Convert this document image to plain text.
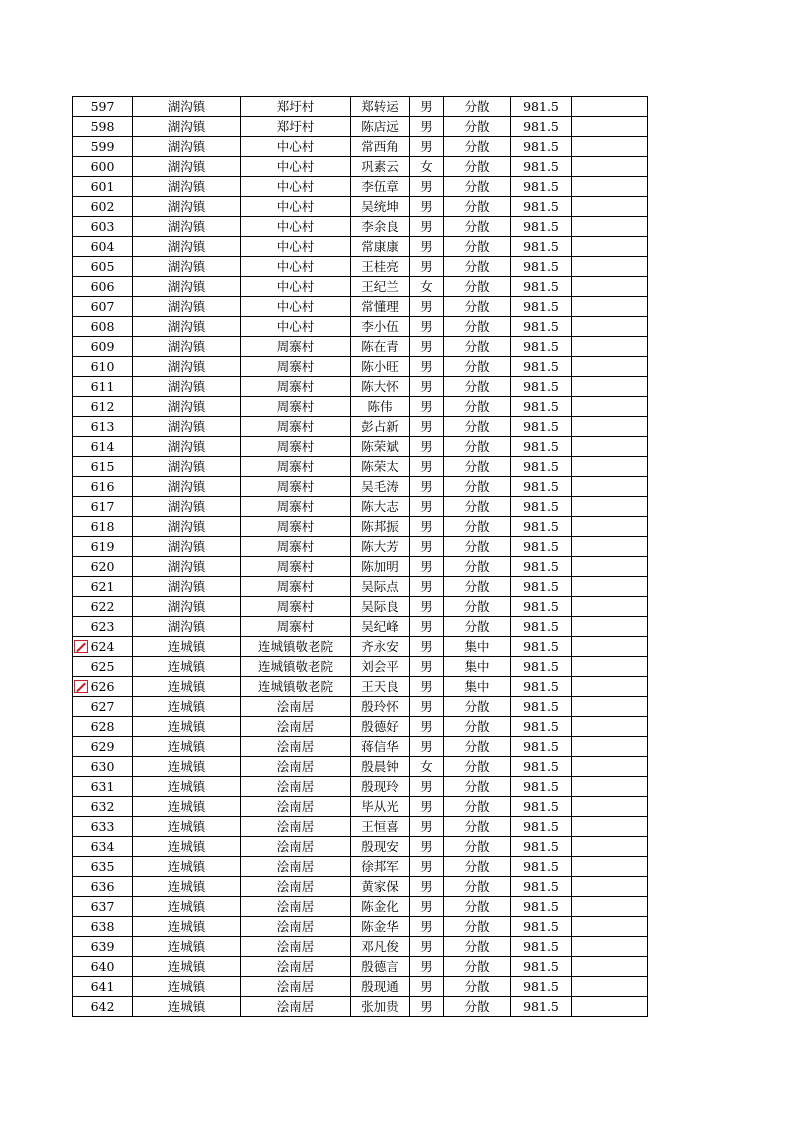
597	湖沟镇	郑圩村	郑转运	男	分散	981.5	
598	湖沟镇	郑圩村	陈店远	男	分散	981.5	
599	湖沟镇	中心村	常西角	男	分散	981.5	
600	湖沟镇	中心村	巩素云	女	分散	981.5	
601	湖沟镇	中心村	李伍章	男	分散	981.5	
602	湖沟镇	中心村	吴统坤	男	分散	981.5	
603	湖沟镇	中心村	李余良	男	分散	981.5	
604	湖沟镇	中心村	常康康	男	分散	981.5	
605	湖沟镇	中心村	王桂亮	男	分散	981.5	
606	湖沟镇	中心村	王纪兰	女	分散	981.5	
607	湖沟镇	中心村	常懂理	男	分散	981.5	
608	湖沟镇	中心村	李小伍	男	分散	981.5	
609	湖沟镇	周寨村	陈在青	男	分散	981.5	
610	湖沟镇	周寨村	陈小旺	男	分散	981.5	
611	湖沟镇	周寨村	陈大怀	男	分散	981.5	
612	湖沟镇	周寨村	陈伟	男	分散	981.5	
613	湖沟镇	周寨村	彭占新	男	分散	981.5	
614	湖沟镇	周寨村	陈荣斌	男	分散	981.5	
615	湖沟镇	周寨村	陈荣太	男	分散	981.5	
616	湖沟镇	周寨村	吴毛涛	男	分散	981.5	
617	湖沟镇	周寨村	陈大志	男	分散	981.5	
618	湖沟镇	周寨村	陈邦振	男	分散	981.5	
619	湖沟镇	周寨村	陈大芳	男	分散	981.5	
620	湖沟镇	周寨村	陈加明	男	分散	981.5	
621	湖沟镇	周寨村	吴际点	男	分散	981.5	
622	湖沟镇	周寨村	吴际良	男	分散	981.5	
623	湖沟镇	周寨村	吴纪峰	男	分散	981.5	

624	连城镇	连城镇敬老院	齐永安	男	集中	981.5	
625	连城镇	连城镇敬老院	刘会平	男	集中	981.5	

626	连城镇	连城镇敬老院	王天良	男	集中	981.5	
627	连城镇	浍南居	殷玲怀	男	分散	981.5	
628	连城镇	浍南居	殷德好	男	分散	981.5	
629	连城镇	浍南居	蒋信华	男	分散	981.5	
630	连城镇	浍南居	殷晨钟	女	分散	981.5	
631	连城镇	浍南居	殷现玲	男	分散	981.5	
632	连城镇	浍南居	毕从光	男	分散	981.5	
633	连城镇	浍南居	王恒喜	男	分散	981.5	
634	连城镇	浍南居	殷现安	男	分散	981.5	
635	连城镇	浍南居	徐邦军	男	分散	981.5	
636	连城镇	浍南居	黄家保	男	分散	981.5	
637	连城镇	浍南居	陈金化	男	分散	981.5	
638	连城镇	浍南居	陈金华	男	分散	981.5	
639	连城镇	浍南居	邓凡俊	男	分散	981.5	
640	连城镇	浍南居	殷德言	男	分散	981.5	
641	连城镇	浍南居	殷现通	男	分散	981.5	
642	连城镇	浍南居	张加贵	男	分散	981.5	
